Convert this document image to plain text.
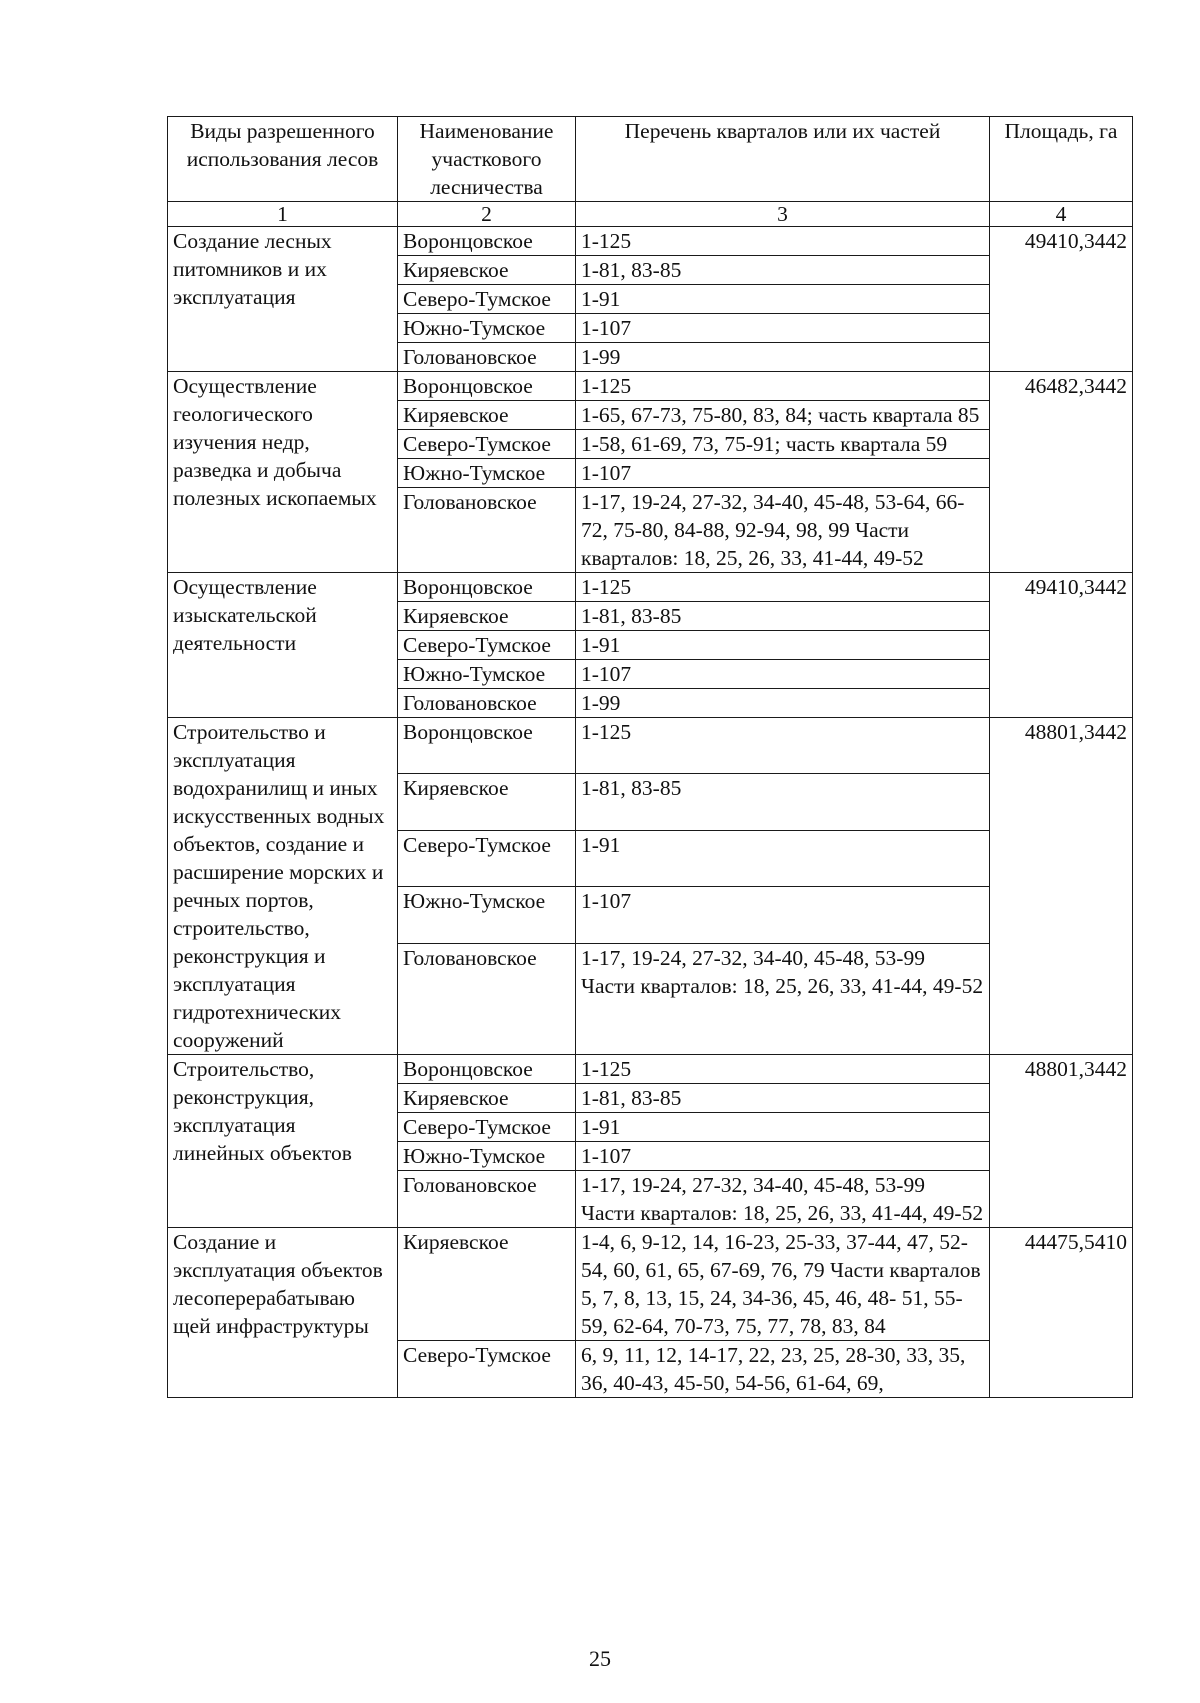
Виды разрешенного использования лесов	Наименование участкового лесничества	Перечень кварталов или их частей	Площадь, га
1	2	3	4
Создание лесных питомников и их эксплуатация	Воронцовское	1-125	49410,3442
	Киряевское	1-81, 83-85	
	Северо-Тумское	1-91	
	Южно-Тумское	1-107	
	Головановское	1-99	
Осуществление геологического изучения недр, разведка и добыча полезных ископаемых	Воронцовское	1-125	46482,3442
	Киряевское	1-65, 67-73, 75-80, 83, 84; часть квартала 85	
	Северо-Тумское	1-58, 61-69, 73, 75-91; часть квартала 59	
	Южно-Тумское	1-107	
	Головановское	1-17, 19-24, 27-32, 34-40, 45-48, 53-64, 66-72, 75-80, 84-88, 92-94, 98, 99 Части кварталов: 18, 25, 26, 33, 41-44, 49-52	
Осуществление изыскательской деятельности	Воронцовское	1-125	49410,3442
	Киряевское	1-81, 83-85	
	Северо-Тумское	1-91	
	Южно-Тумское	1-107	
	Головановское	1-99	
Строительство и эксплуатация водохранилищ и иных искусственных водных объектов, создание и расширение морских и речных портов, строительство, реконструкция и эксплуатация гидротехнических сооружений	Воронцовское	1-125	48801,3442
	Киряевское	1-81, 83-85	
	Северо-Тумское	1-91	
	Южно-Тумское	1-107	
	Головановское	1-17, 19-24, 27-32, 34-40, 45-48, 53-99 Части кварталов: 18, 25, 26, 33, 41-44, 49-52	
Строительство, реконструкция, эксплуатация линейных объектов	Воронцовское	1-125	48801,3442
	Киряевское	1-81, 83-85	
	Северо-Тумское	1-91	
	Южно-Тумское	1-107	
	Головановское	1-17, 19-24, 27-32, 34-40, 45-48, 53-99 Части кварталов: 18, 25, 26, 33, 41-44, 49-52	
Создание и эксплуатация объектов лесоперерабатываю щей инфраструктуры	Киряевское	1-4, 6, 9-12, 14, 16-23, 25-33, 37-44, 47, 52-54, 60, 61, 65, 67-69, 76, 79 Части кварталов 5, 7, 8, 13, 15, 24, 34-36, 45, 46, 48- 51, 55-59, 62-64, 70-73, 75, 77, 78, 83, 84	44475,5410
	Северо-Тумское	6, 9, 11, 12, 14-17, 22, 23, 25, 28-30, 33, 35, 36, 40-43, 45-50, 54-56, 61-64, 69,	
25
